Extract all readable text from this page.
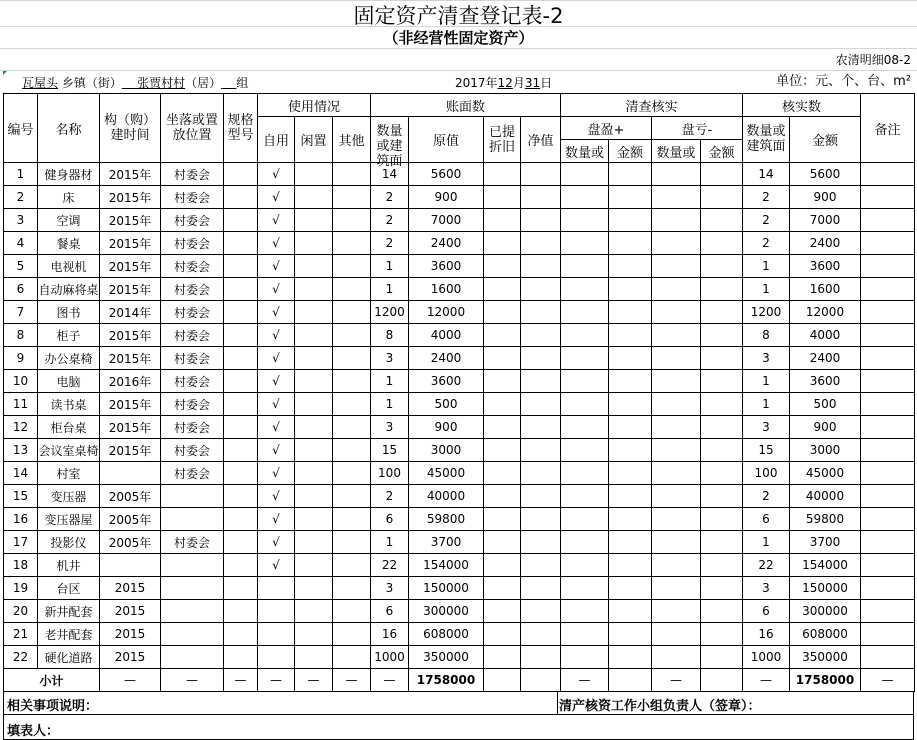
固定资产清查登记表-2
（非经营性固定资产）
农清明细08-2
瓦屋头 乡镇（街） 张贾村村（居） 组	2017年12月31日	单位：元、个、台、m²
编号	名称	构（购）建时间	坐落或置放位置	规格型号	使用情况			账面数				清查核实				核实数		备注
					自用	闲置	其他	数量或建筑面	原值	已提折旧	净值	盘盈+		盘亏-		数量或建筑面	金额	
												数量或	金额	数量或	金额			
1	健身器材	2015年	村委会		√			14	5600							14	5600	
2	床	2015年	村委会		√			2	900							2	900	
3	空调	2015年	村委会		√			2	7000							2	7000	
4	餐桌	2015年	村委会		√			2	2400							2	2400	
5	电视机	2015年	村委会		√			1	3600							1	3600	
6	自动麻将桌	2015年	村委会		√			1	1600							1	1600	
7	图书	2014年	村委会		√			1200	12000							1200	12000	
8	柜子	2015年	村委会		√			8	4000							8	4000	
9	办公桌椅	2015年	村委会		√			3	2400							3	2400	
10	电脑	2016年	村委会		√			1	3600							1	3600	
11	读书桌	2015年	村委会		√			1	500							1	500	
12	柜台桌	2015年	村委会		√			3	900							3	900	
13	会议室桌椅	2015年	村委会		√			15	3000							15	3000	
14	村室		村委会		√			100	45000							100	45000	
15	变压器	2005年			√			2	40000							2	40000	
16	变压器屋	2005年			√			6	59800							6	59800	
17	投影仪	2005年	村委会		√			1	3700							1	3700	
18	机井				√			22	154000							22	154000	
19	台区	2015						3	150000							3	150000	
20	新井配套	2015						6	300000							6	300000	
21	老井配套	2015						16	608000							16	608000	
22	硬化道路	2015						1000	350000							1000	350000	
小计		—	—	—	—	—	—	—	1758000			—		—		—	1758000	—
相关事项说明：	清产核资工作小组负责人（签章）：
填表人：
